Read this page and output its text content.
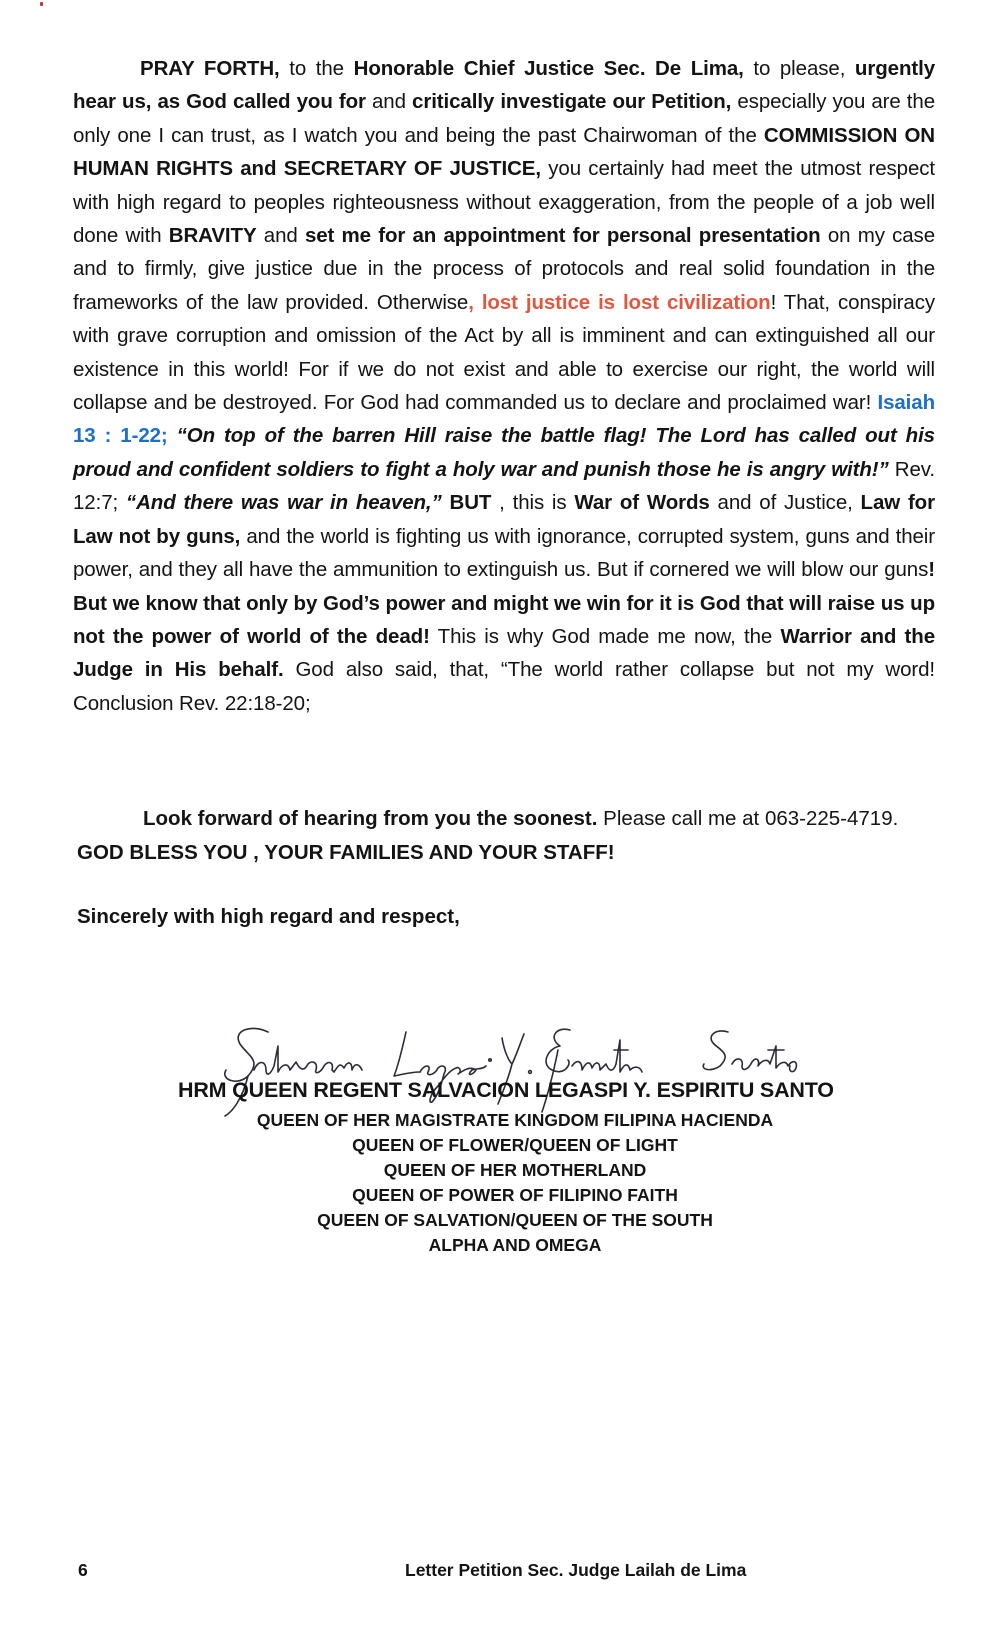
PRAY FORTH, to the Honorable Chief Justice Sec. De Lima, to please, urgently hear us, as God called you for and critically investigate our Petition, especially you are the only one I can trust, as I watch you and being the past Chairwoman of the COMMISSION ON HUMAN RIGHTS and SECRETARY OF JUSTICE, you certainly had meet the utmost respect with high regard to peoples righteousness without exaggeration, from the people of a job well done with BRAVITY and set me for an appointment for personal presentation on my case and to firmly, give justice due in the process of protocols and real solid foundation in the frameworks of the law provided. Otherwise, lost justice is lost civilization! That, conspiracy with grave corruption and omission of the Act by all is imminent and can extinguished all our existence in this world! For if we do not exist and able to exercise our right, the world will collapse and be destroyed. For God had commanded us to declare and proclaimed war! Isaiah 13 : 1-22; “On top of the barren Hill raise the battle flag! The Lord has called out his proud and confident soldiers to fight a holy war and punish those he is angry with!” Rev. 12:7; “And there was war in heaven,” BUT , this is War of Words and of Justice, Law for Law not by guns, and the world is fighting us with ignorance, corrupted system, guns and their power, and they all have the ammunition to extinguish us. But if cornered we will blow our guns! But we know that only by God’s power and might we win for it is God that will raise us up not the power of world of the dead! This is why God made me now, the Warrior and the Judge in His behalf. God also said, that, “The world rather collapse but not my word! Conclusion Rev. 22:18-20;
Look forward of hearing from you the soonest. Please call me at 063-225-4719.
GOD BLESS YOU , YOUR FAMILIES AND YOUR STAFF!
Sincerely with high regard and respect,
HRM QUEEN REGENT SALVACION LEGASPI Y. ESPIRITU SANTO
QUEEN OF HER MAGISTRATE KINGDOM FILIPINA HACIENDA
QUEEN OF FLOWER/QUEEN OF LIGHT
QUEEN OF HER MOTHERLAND
QUEEN OF POWER OF FILIPINO FAITH
QUEEN OF SALVATION/QUEEN OF THE SOUTH
ALPHA AND OMEGA
6	Letter Petition Sec. Judge Lailah de Lima
